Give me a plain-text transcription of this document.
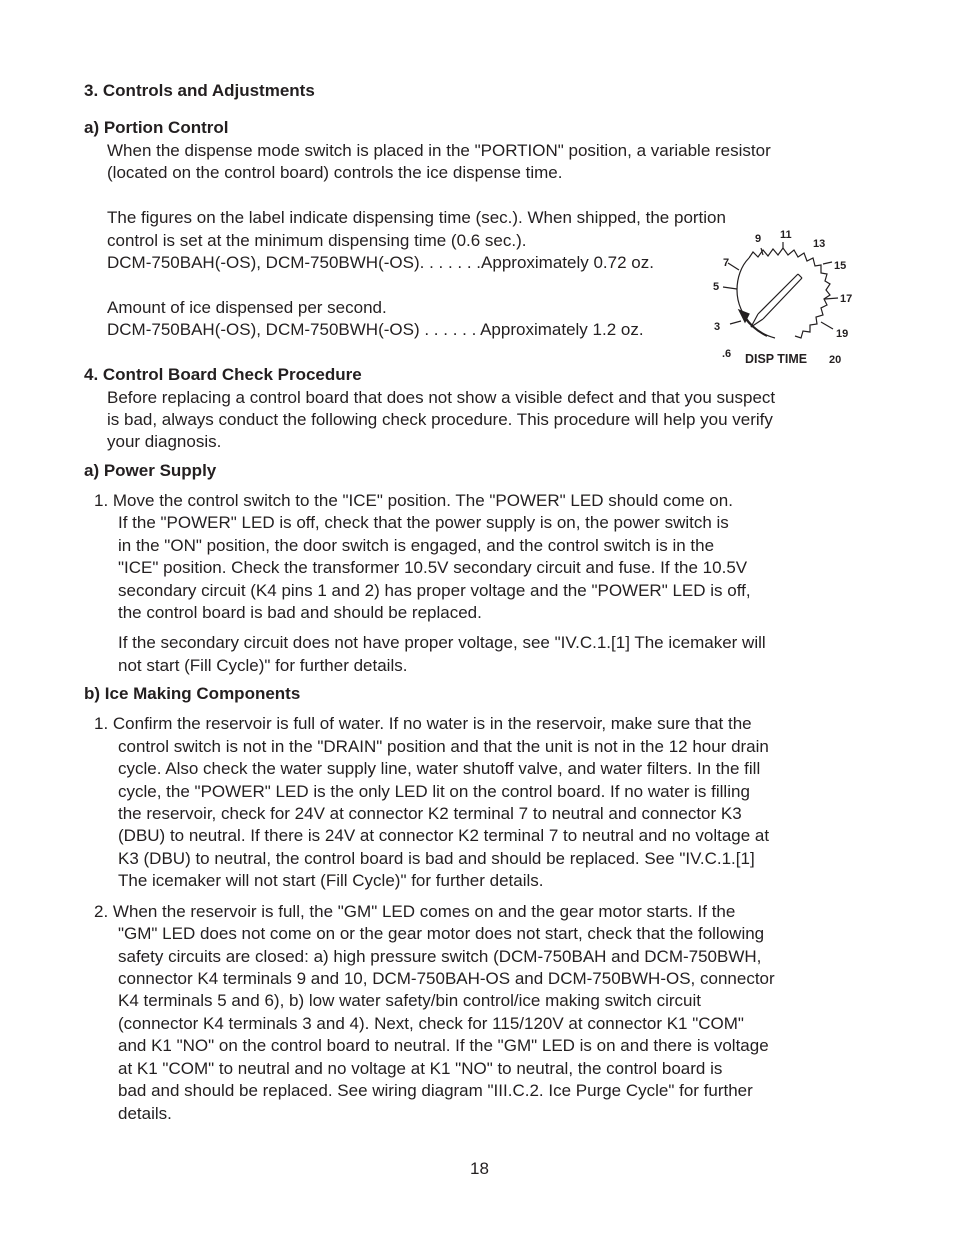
3. Controls and Adjustments
a) Portion Control
When the dispense mode switch is placed in the "PORTION" position, a variable resistor
(located on the control board) controls the ice dispense time.
The figures on the label indicate dispensing time (sec.). When shipped, the portion
control is set at the minimum dispensing time (0.6 sec.).
DCM-750BAH(-OS), DCM-750BWH(-OS). . . . . . .Approximately 0.72 oz.
Amount of ice dispensed per second.
DCM-750BAH(-OS), DCM-750BWH(-OS) . . . . . . Approximately 1.2 oz.
9 11
13
7	15
5
17
3
19
.6	20
DISP TIME
4. Control Board Check Procedure
Before replacing a control board that does not show a visible defect and that you suspect
is bad, always conduct the following check procedure. This procedure will help you verify
your diagnosis.
a) Power Supply
1. Move the control switch to the "ICE" position. The "POWER" LED should come on.
If the "POWER" LED is off, check that the power supply is on, the power switch is
in the "ON" position, the door switch is engaged, and the control switch is in the
"ICE" position. Check the transformer 10.5V secondary circuit and fuse. If the 10.5V
secondary circuit (K4 pins 1 and 2) has proper voltage and the "POWER" LED is off,
the control board is bad and should be replaced.
If the secondary circuit does not have proper voltage, see "IV.C.1.[1] The icemaker will
not start (Fill Cycle)" for further details.
b) Ice Making Components
1. Confirm the reservoir is full of water. If no water is in the reservoir, make sure that the
control switch is not in the "DRAIN" position and that the unit is not in the 12 hour drain
cycle. Also check the water supply line, water shutoff valve, and water filters. In the fill
cycle, the "POWER" LED is the only LED lit on the control board. If no water is filling
the reservoir, check for 24V at connector K2 terminal 7 to neutral and connector K3
(DBU) to neutral. If there is 24V at connector K2 terminal 7 to neutral and no voltage at
K3 (DBU) to neutral, the control board is bad and should be replaced. See "IV.C.1.[1]
The icemaker will not start (Fill Cycle)" for further details.
2. When the reservoir is full, the "GM" LED comes on and the gear motor starts. If the
"GM" LED does not come on or the gear motor does not start, check that the following
safety circuits are closed: a) high pressure switch (DCM-750BAH and DCM-750BWH,
connector K4 terminals 9 and 10, DCM-750BAH-OS and DCM-750BWH-OS, connector
K4 terminals 5 and 6), b) low water safety/bin control/ice making switch circuit
(connector K4 terminals 3 and 4). Next, check for 115/120V at connector K1 "COM"
and K1 "NO" on the control board to neutral. If the "GM" LED is on and there is voltage
at K1 "COM" to neutral and no voltage at K1 "NO" to neutral, the control board is
bad and should be replaced. See wiring diagram "III.C.2. Ice Purge Cycle" for further
details.
18
